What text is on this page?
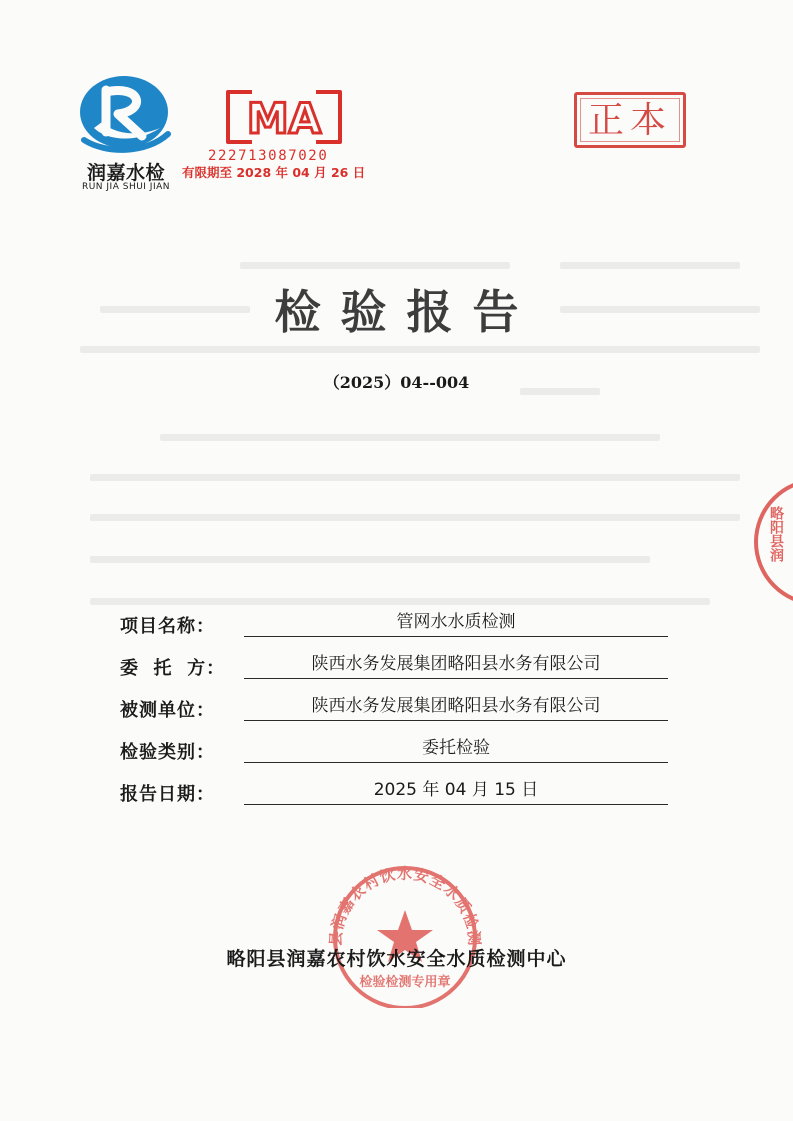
润嘉水检
RUN JIA SHUI JIAN
MA
222713087020
有限期至 2028 年 04 月 26 日
正本
检验报告
（2025）04--004
项目名称：	管网水水质检测
委  托  方：	陕西水务发展集团略阳县水务有限公司
被测单位：	陕西水务发展集团略阳县水务有限公司
检验类别：	委托检验
报告日期：	2025 年 04 月 15 日
县润嘉农村饮水安全水质检测
检验检测专用章
略阳县润嘉农村饮水安全水质检测中心
略阳县润
